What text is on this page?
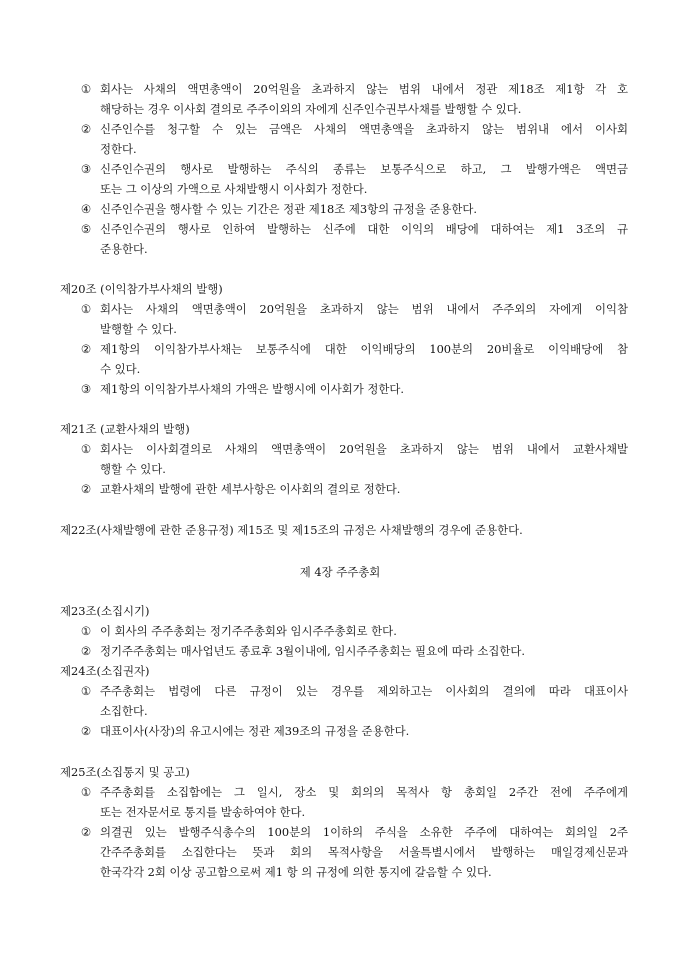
① 회사는 사채의 액면총액이 20억원을 초과하지 않는 범위 내에서 정관 제18조 제1항 각 호
해당하는 경우 이사회 결의로 주주이외의 자에게 신주인수권부사채를 발행할 수 있다.
② 신주인수를 청구할 수 있는 금액은 사채의 액면총액을 초과하지 않는 범위내 에서 이사회
정한다.
③ 신주인수권의 행사로 발행하는 주식의 종류는 보통주식으로 하고, 그 발행가액은 액면금
또는 그 이상의 가액으로 사채발행시 이사회가 정한다.
④ 신주인수권을 행사할 수 있는 기간은 정관 제18조 제3항의 규정을 준용한다.
⑤ 신주인수권의 행사로 인하여 발행하는 신주에 대한 이익의 배당에 대하여는 제1 3조의 규
준용한다.
제20조 (이익참가부사채의 발행)
① 회사는 사채의 액면총액이 20억원을 초과하지 않는 범위 내에서 주주외의 자에게 이익참
발행할 수 있다.
② 제1항의 이익참가부사채는 보통주식에 대한 이익배당의 100분의 20비율로 이익배당에 참
수 있다.
③ 제1항의 이익참가부사채의 가액은 발행시에 이사회가 정한다.
제21조 (교환사채의 발행)
① 회사는 이사회결의로 사채의 액면총액이 20억원을 초과하지 않는 범위 내에서 교환사채발
행할 수 있다.
② 교환사채의 발행에 관한 세부사항은 이사회의 결의로 정한다.
제22조(사채발행에 관한 준용규정) 제15조 및 제15조의 규정은 사채발행의 경우에 준용한다.
제 4장 주주총회
제23조(소집시기)
① 이 회사의 주주총회는 정기주주총회와 임시주주총회로 한다.
② 정기주주총회는 매사업년도 종료후 3월이내에, 임시주주총회는 필요에 따라 소집한다.
제24조(소집권자)
① 주주총회는 법령에 다른 규정이 있는 경우를 제외하고는 이사회의 결의에 따라 대표이사
소집한다.
② 대표이사(사장)의 유고시에는 정관 제39조의 규정을 준용한다.
제25조(소집통지 및 공고)
① 주주총회를 소집함에는 그 일시, 장소 및 회의의 목적사 항 총회일 2주간 전에 주주에게
또는 전자문서로 통지를 발송하여야 한다.
② 의결권 있는 발행주식총수의 100분의 1이하의 주식을 소유한 주주에 대하여는 회의일 2주
간주주총회를 소집한다는 뜻과 회의 목적사항을 서울특별시에서 발행하는 매일경제신문과
한국각각 2회 이상 공고함으로써 제1 항 의 규정에 의한 통지에 갈음할 수 있다.
